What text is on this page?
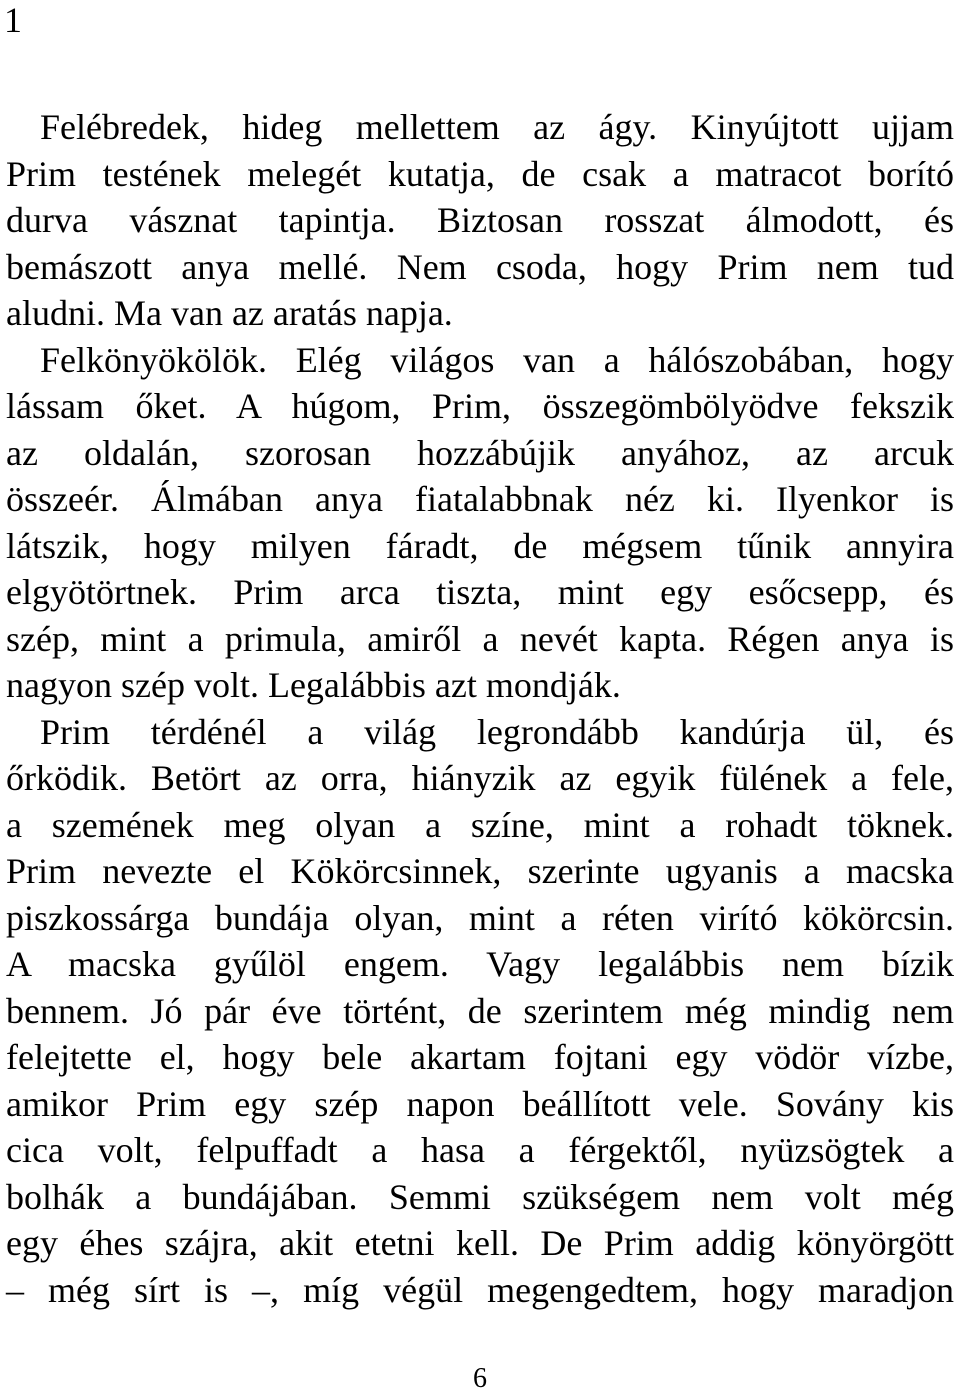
1
Felébredek, hideg mellettem az ágy. Kinyújtott ujjam
Prim testének melegét kutatja, de csak a matracot borító
durva vásznat tapintja. Biztosan rosszat álmodott, és
bemászott anya mellé. Nem csoda, hogy Prim nem tud
aludni. Ma van az aratás napja.
Felkönyökölök. Elég világos van a hálószobában, hogy
lássam őket. A húgom, Prim, összegömbölyödve fekszik
az oldalán, szorosan hozzábújik anyához, az arcuk
összeér. Álmában anya fiatalabbnak néz ki. Ilyenkor is
látszik, hogy milyen fáradt, de mégsem tűnik annyira
elgyötörtnek. Prim arca tiszta, mint egy esőcsepp, és
szép, mint a primula, amiről a nevét kapta. Régen anya is
nagyon szép volt. Legalábbis azt mondják.
Prim térdénél a világ legrondább kandúrja ül, és
őrködik. Betört az orra, hiányzik az egyik fülének a fele,
a szemének meg olyan a színe, mint a rohadt töknek.
Prim nevezte el Kökörcsinnek, szerinte ugyanis a macska
piszkossárga bundája olyan, mint a réten virító kökörcsin.
A macska gyűlöl engem. Vagy legalábbis nem bízik
bennem. Jó pár éve történt, de szerintem még mindig nem
felejtette el, hogy bele akartam fojtani egy vödör vízbe,
amikor Prim egy szép napon beállított vele. Sovány kis
cica volt, felpuffadt a hasa a férgektől, nyüzsögtek a
bolhák a bundájában. Semmi szükségem nem volt még
egy éhes szájra, akit etetni kell. De Prim addig könyörgött
– még sírt is –, míg végül megengedtem, hogy maradjon
6
